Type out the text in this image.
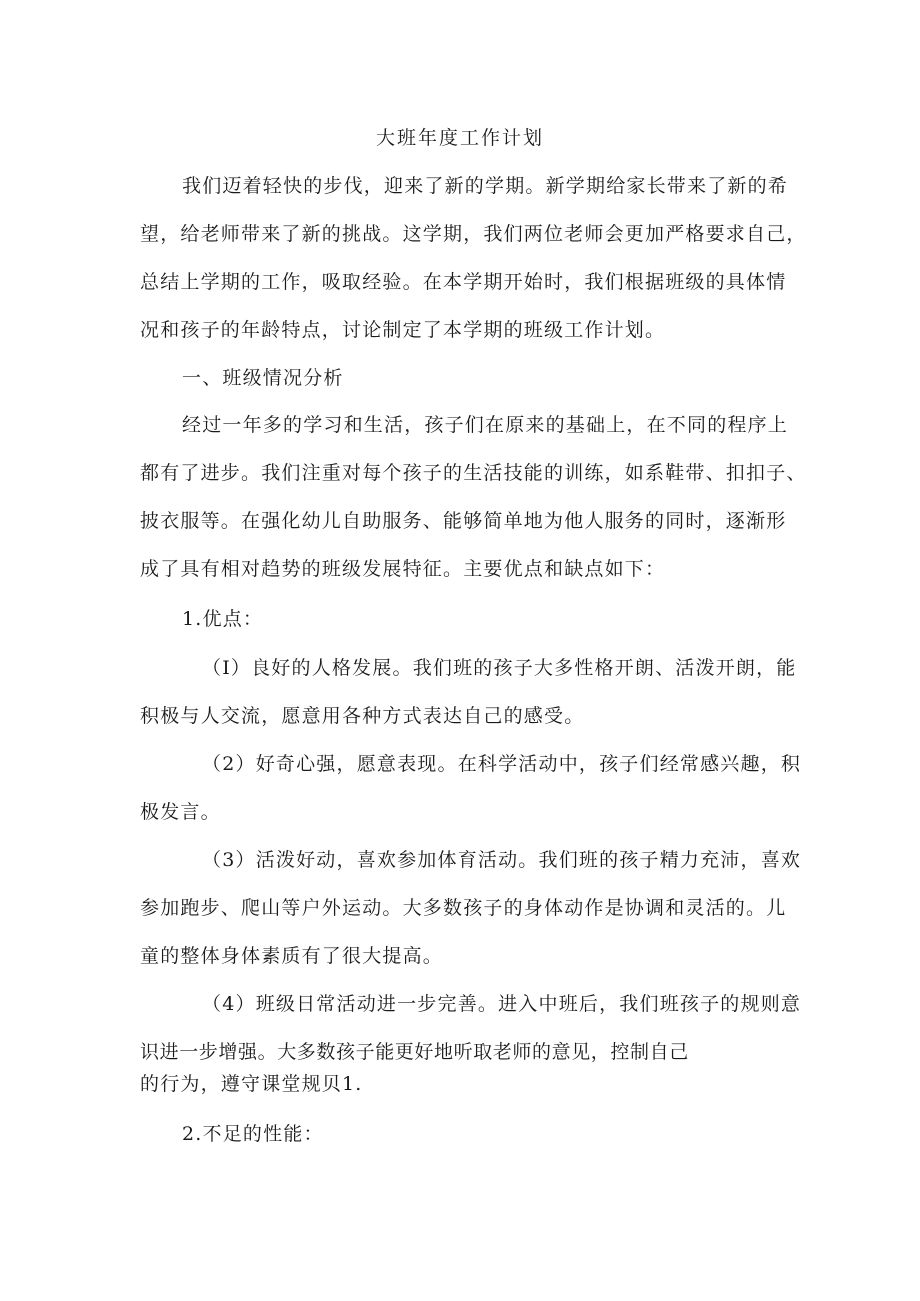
大班年度工作计划
我们迈着轻快的步伐，迎来了新的学期。新学期给家长带来了新的希
望，给老师带来了新的挑战。这学期，我们两位老师会更加严格要求自己，
总结上学期的工作，吸取经验。在本学期开始时，我们根据班级的具体情
况和孩子的年龄特点，讨论制定了本学期的班级工作计划。
一、班级情况分析
经过一年多的学习和生活，孩子们在原来的基础上，在不同的程序上
都有了进步。我们注重对每个孩子的生活技能的训练，如系鞋带、扣扣子、
披衣服等。在强化幼儿自助服务、能够简单地为他人服务的同时，逐渐形
成了具有相对趋势的班级发展特征。主要优点和缺点如下：
1.优点：
（I）良好的人格发展。我们班的孩子大多性格开朗、活泼开朗，能
积极与人交流，愿意用各种方式表达自己的感受。
（2）好奇心强，愿意表现。在科学活动中，孩子们经常感兴趣，积
极发言。
（3）活泼好动，喜欢参加体育活动。我们班的孩子精力充沛，喜欢
参加跑步、爬山等户外运动。大多数孩子的身体动作是协调和灵活的。儿
童的整体身体素质有了很大提高。
（4）班级日常活动进一步完善。进入中班后，我们班孩子的规则意
识进一步增强。大多数孩子能更好地听取老师的意见，控制自己
的行为，遵守课堂规贝1.
2.不足的性能：
